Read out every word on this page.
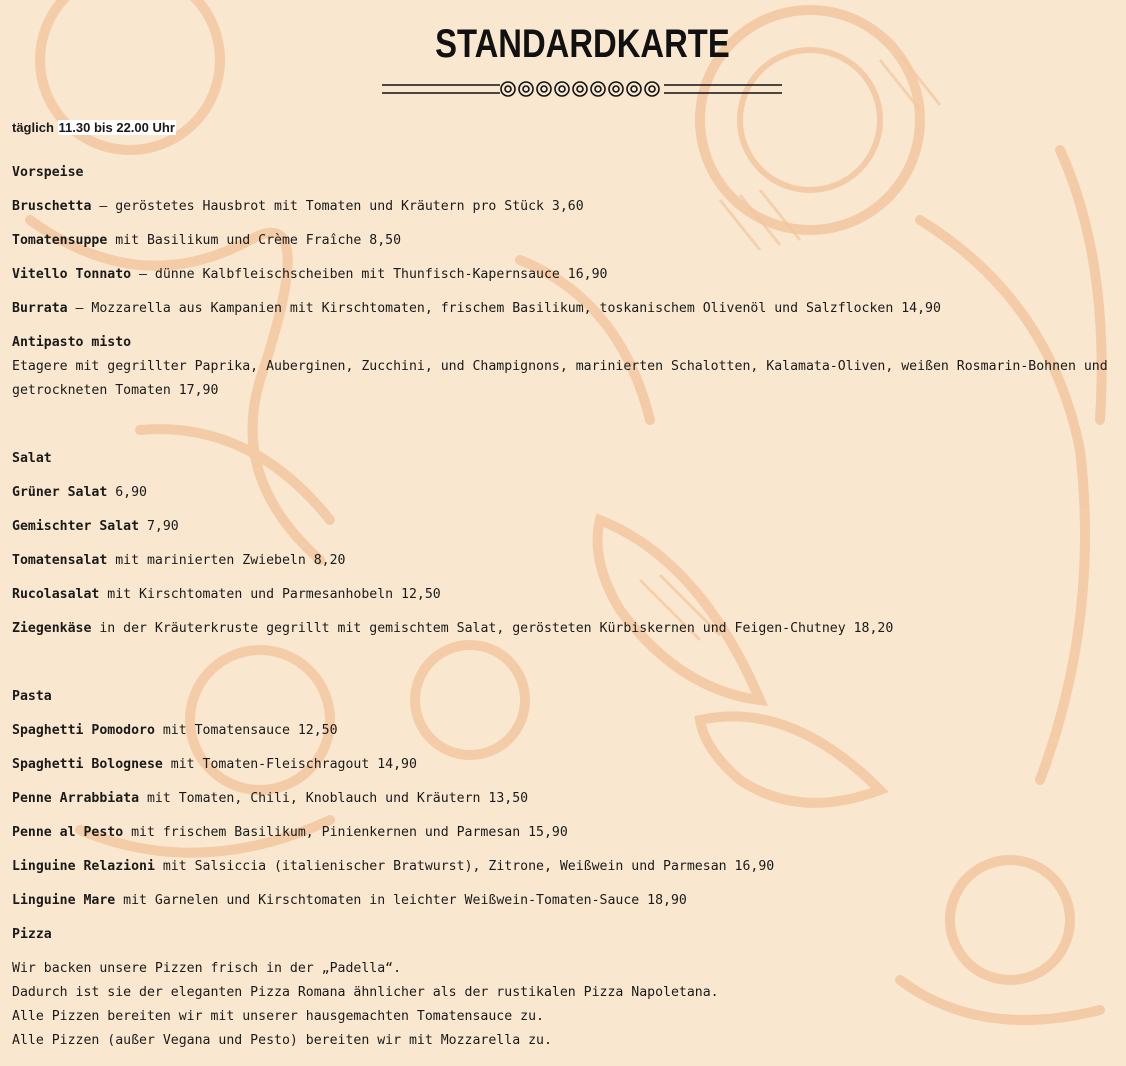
STANDARDKARTE
täglich 11.30 bis 22.00 Uhr
Vorspeise
Bruschetta – geröstetes Hausbrot mit Tomaten und Kräutern pro Stück 3,60
Tomatensuppe mit Basilikum und Crème Fraîche 8,50
Vitello Tonnato – dünne Kalbfleischscheiben mit Thunfisch-Kapernsauce 16,90
Burrata – Mozzarella aus Kampanien mit Kirschtomaten, frischem Basilikum, toskanischem Olivenöl und Salzflocken 14,90
Antipasto misto
Etagere mit gegrillter Paprika, Auberginen, Zucchini, und Champignons, marinierten Schalotten, Kalamata-Oliven, weißen Rosmarin-Bohnen und getrockneten Tomaten 17,90
Salat
Grüner Salat 6,90
Gemischter Salat 7,90
Tomatensalat mit marinierten Zwiebeln 8,20
Rucolasalat mit Kirschtomaten und Parmesanhobeln 12,50
Ziegenkäse in der Kräuterkruste gegrillt mit gemischtem Salat, gerösteten Kürbiskernen und Feigen-Chutney 18,20
Pasta
Spaghetti Pomodoro mit Tomatensauce 12,50
Spaghetti Bolognese mit Tomaten-Fleischragout 14,90
Penne Arrabbiata mit Tomaten, Chili, Knoblauch und Kräutern 13,50
Penne al Pesto mit frischem Basilikum, Pinienkernen und Parmesan 15,90
Linguine Relazioni mit Salsiccia (italienischer Bratwurst), Zitrone, Weißwein und Parmesan 16,90
Linguine Mare mit Garnelen und Kirschtomaten in leichter Weißwein-Tomaten-Sauce 18,90
Pizza
Wir backen unsere Pizzen frisch in der „Padella“.
Dadurch ist sie der eleganten Pizza Romana ähnlicher als der rustikalen Pizza Napoletana.
Alle Pizzen bereiten wir mit unserer hausgemachten Tomatensauce zu.
Alle Pizzen (außer Vegana und Pesto) bereiten wir mit Mozzarella zu.
